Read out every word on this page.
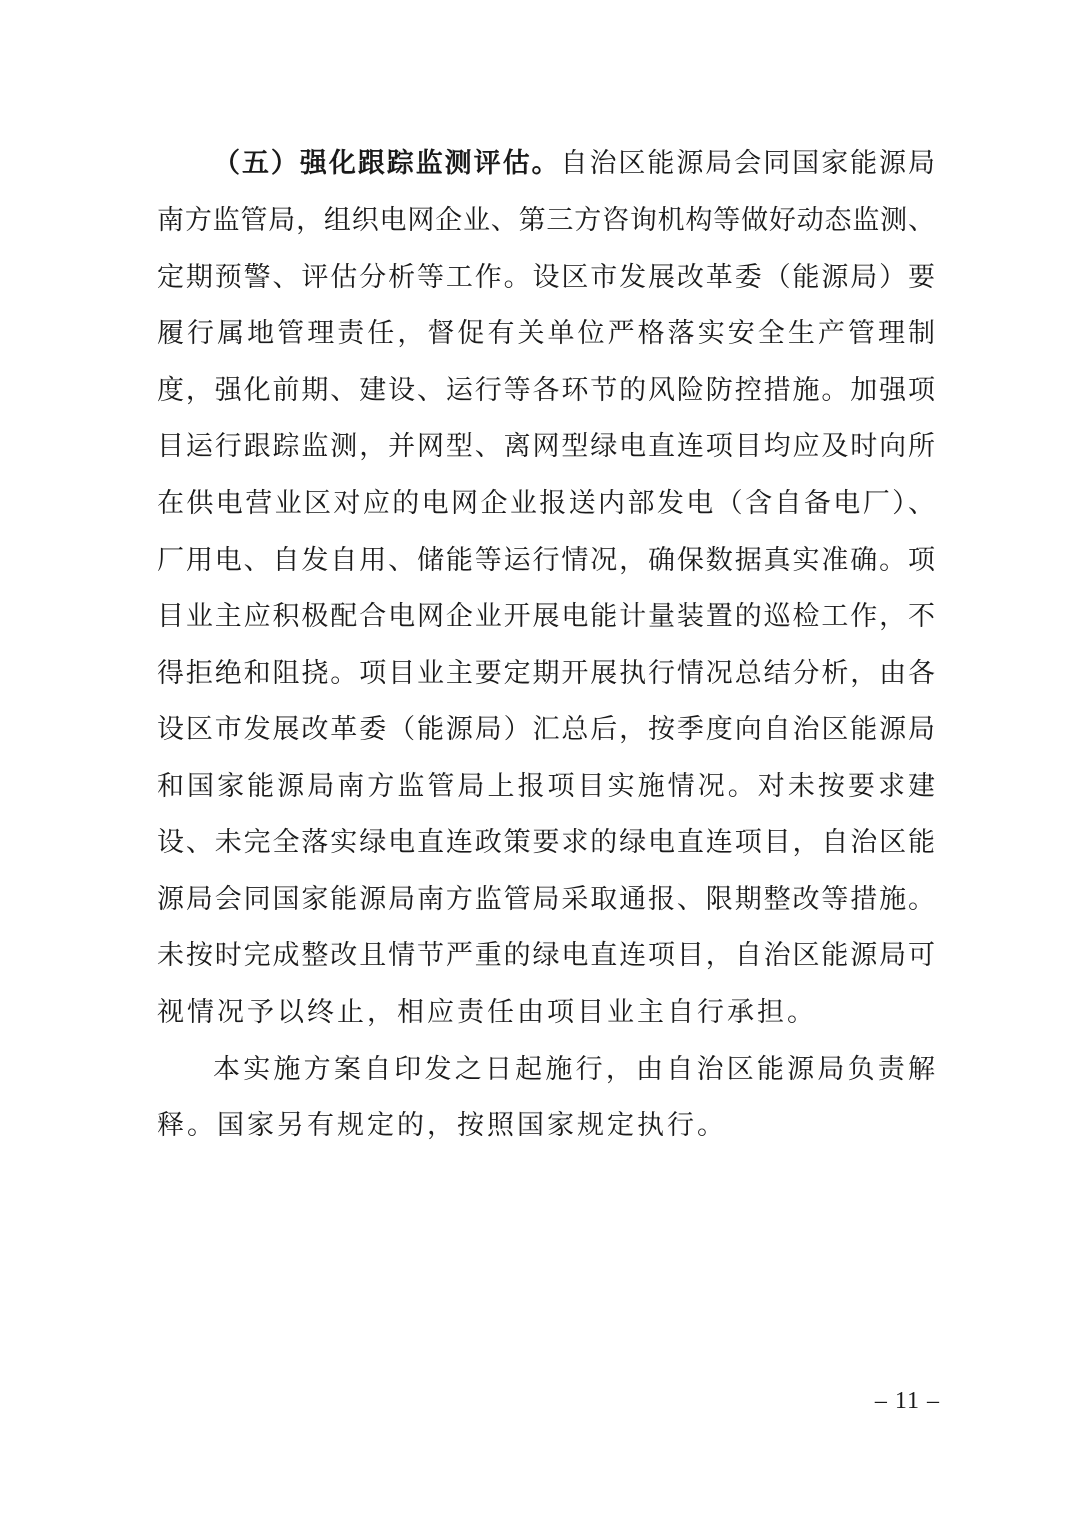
（五）强化跟踪监测评估。自治区能源局会同国家能源局
南方监管局，组织电网企业、第三方咨询机构等做好动态监测、
定期预警、评估分析等工作。设区市发展改革委（能源局）要
履行属地管理责任，督促有关单位严格落实安全生产管理制
度，强化前期、建设、运行等各环节的风险防控措施。加强项
目运行跟踪监测，并网型、离网型绿电直连项目均应及时向所
在供电营业区对应的电网企业报送内部发电（含自备电厂）、
厂用电、自发自用、储能等运行情况，确保数据真实准确。项
目业主应积极配合电网企业开展电能计量装置的巡检工作，不
得拒绝和阻挠。项目业主要定期开展执行情况总结分析，由各
设区市发展改革委（能源局）汇总后，按季度向自治区能源局
和国家能源局南方监管局上报项目实施情况。对未按要求建
设、未完全落实绿电直连政策要求的绿电直连项目，自治区能
源局会同国家能源局南方监管局采取通报、限期整改等措施。
未按时完成整改且情节严重的绿电直连项目，自治区能源局可
视情况予以终止，相应责任由项目业主自行承担。
本实施方案自印发之日起施行，由自治区能源局负责解
释。国家另有规定的，按照国家规定执行。
– 11 –
